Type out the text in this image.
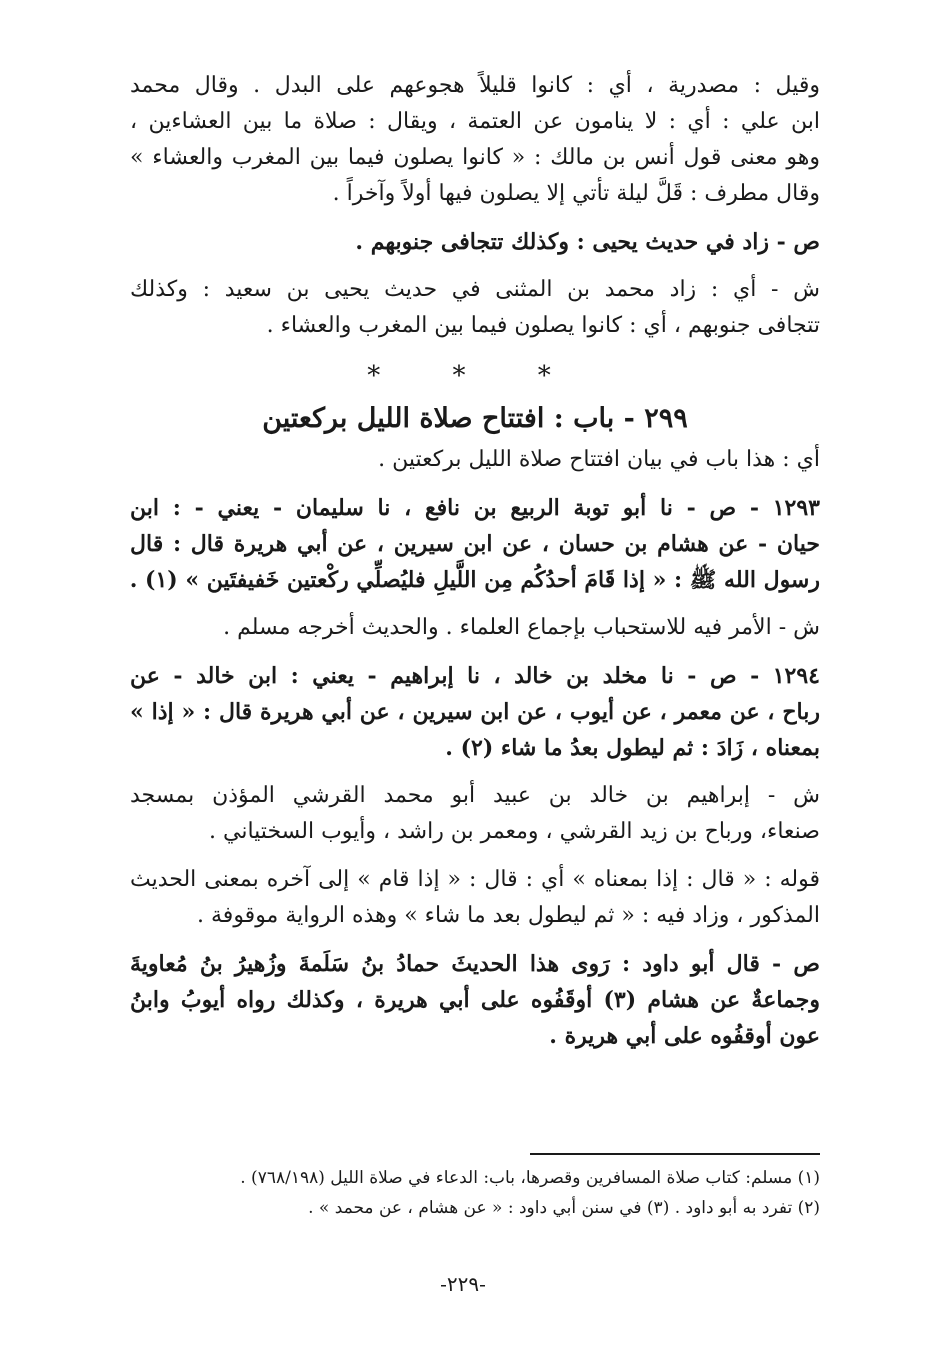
وقيل : مصدرية ، أي : كانوا قليلاً هجوعهم على البدل . وقال محمد
ابن علي : أي : لا ينامون عن العتمة ، ويقال : صلاة ما بين العشاءين ،
وهو معنى قول أنس بن مالك : « كانوا يصلون فيما بين المغرب والعشاء »
وقال مطرف : قَلَّ ليلة تأتي إلا يصلون فيها أولاً وآخراً .
ص - زاد في حديث يحيى : وكذلك تتجافى جنوبهم .
ش - أي : زاد محمد بن المثنى في حديث يحيى بن سعيد : وكذلك
تتجافى جنوبهم ، أي : كانوا يصلون فيما بين المغرب والعشاء .
* * *
٢٩٩ - باب : افتتاح صلاة الليل بركعتين
أي : هذا باب في بيان افتتاح صلاة الليل بركعتين .
١٢٩٣ - ص - نا أبو توبة الربيع بن نافع ، نا سليمان - يعني - : ابن
حيان - عن هشام بن حسان ، عن ابن سيرين ، عن أبي هريرة قال : قال
رسول الله ﷺ : « إذا قَامَ أحدُكُم مِن اللَّيلِ فليُصلِّي ركْعتين خَفيفتَين » (١) .
ش - الأمر فيه للاستحباب بإجماع العلماء . والحديث أخرجه مسلم .
١٢٩٤ - ص - نا مخلد بن خالد ، نا إبراهيم - يعني : ابن خالد - عن
رباح ، عن معمر ، عن أيوب ، عن ابن سيرين ، عن أبي هريرة قال : « إذا »
بمعناه ، زَادَ : ثم ليطول بعدُ ما شاء (٢) .
ش - إبراهيم بن خالد بن عبيد أبو محمد القرشي المؤذن بمسجد
صنعاء، ورباح بن زيد القرشي ، ومعمر بن راشد ، وأيوب السختياني .
قوله : « قال : إذا بمعناه » أي : قال : « إذا قام » إلى آخره بمعنى الحديث
المذكور ، وزاد فيه : « ثم ليطول بعد ما شاء » وهذه الرواية موقوفة .
ص - قال أبو داود : رَوى هذا الحديثَ حمادُ بنُ سَلَمةَ وزُهيرُ بنُ مُعاويةَ
وجماعةٌ عن هشام (٣) أوقَفُوه على أبي هريرة ، وكذلك رواه أيوبُ وابنُ
عون أوقفُوه على أبي هريرة .
(١) مسلم: كتاب صلاة المسافرين وقصرها، باب: الدعاء في صلاة الليل (٧٦٨/١٩٨) .
(٢) تفرد به أبو داود . (٣) في سنن أبي داود : « عن هشام ، عن محمد » .
-٢٢٩-
